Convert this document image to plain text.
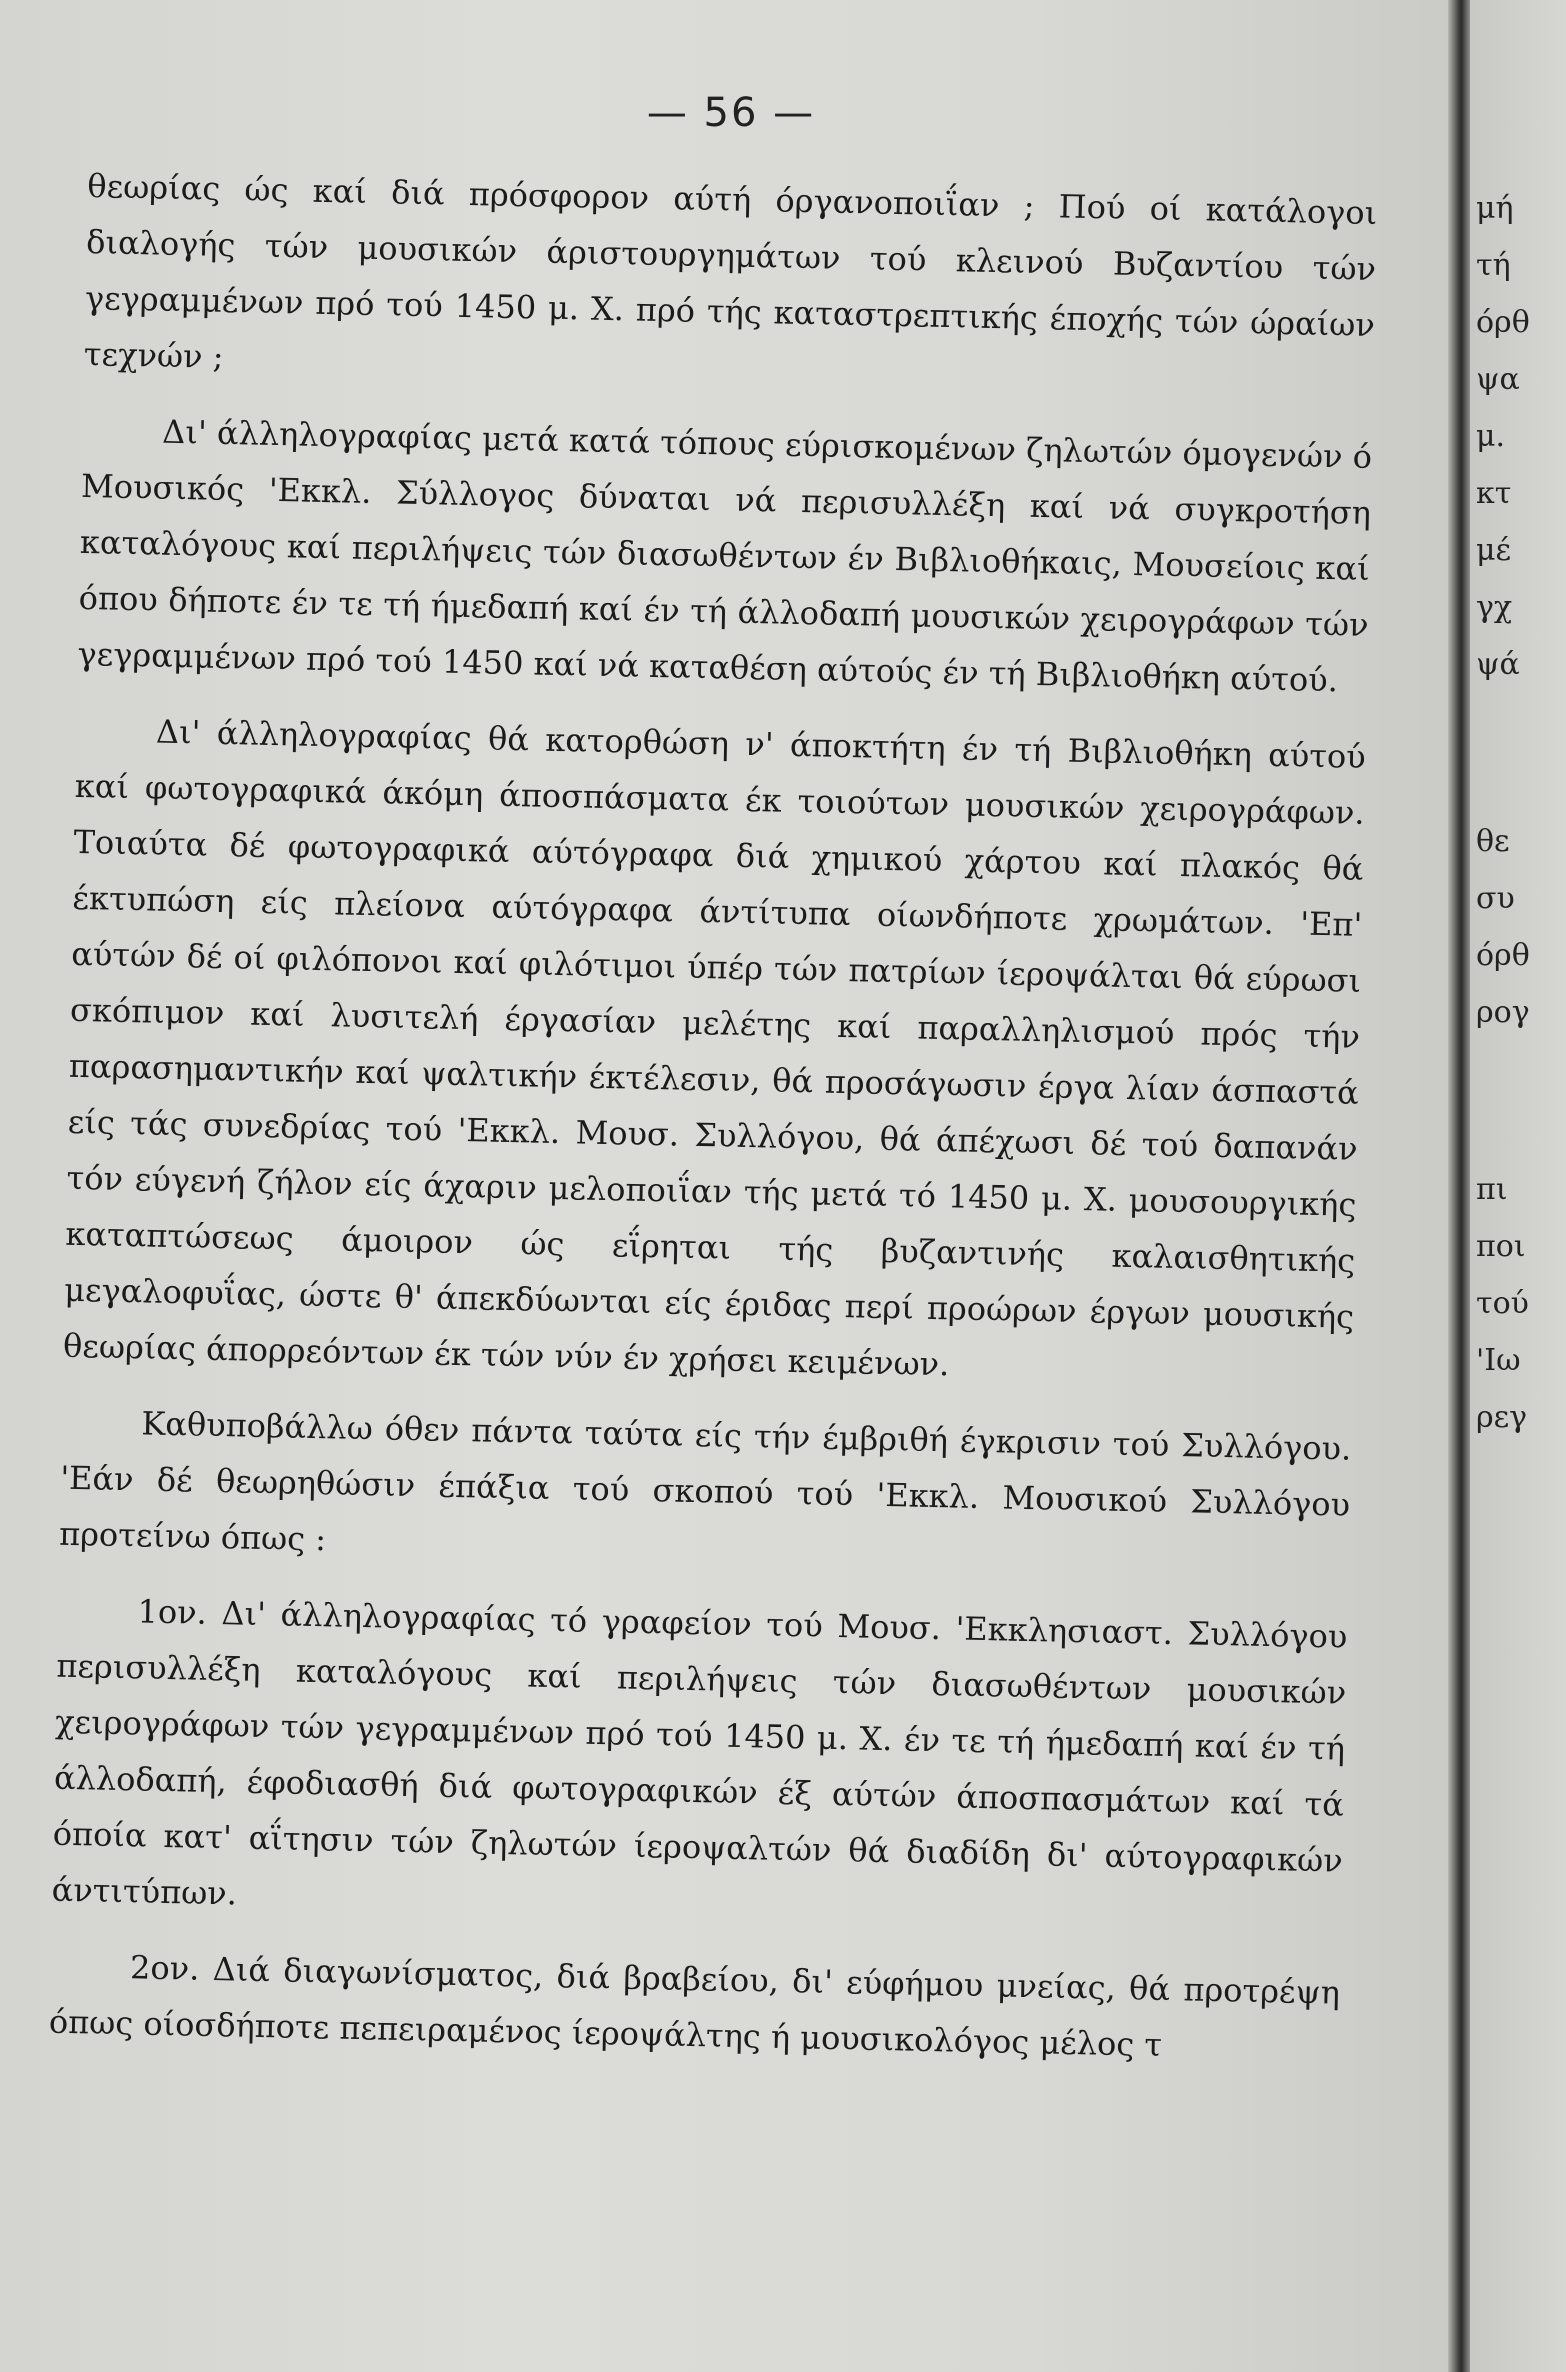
— 56 —

θεωρίας ώς καί διά πρόσφορον αύτή όργανοποιΐαν ; Πού οί κατάλογοι διαλογής τών μουσικών άριστουργημάτων τού κλεινού Βυζαντίου τών γεγραμμένων πρό τού 1450 μ. Χ. πρό τής καταστρεπτικής έποχής τών ώραίων τεχνών ;

Δι' άλληλογραφίας μετά κατά τόπους εύρισκομένων ζηλωτών όμογενών ό Μουσικός 'Εκκλ. Σύλλογος δύναται νά περισυλλέξη καί νά συγκροτήση καταλόγους καί περιλήψεις τών διασωθέντων έν Βιβλιοθήκαις, Μουσείοις καί όπου δήποτε έν τε τή ήμεδαπή καί έν τή άλλοδαπή μουσικών χειρογράφων τών γεγραμμένων πρό τού 1450 καί νά καταθέση αύτούς έν τή Βιβλιοθήκη αύτού.

Δι' άλληλογραφίας θά κατορθώση ν' άποκτήτη έν τή Βιβλιοθήκη αύτού καί φωτογραφικά άκόμη άποσπάσματα έκ τοιούτων μουσικών χειρογράφων. Τοιαύτα δέ φωτογραφικά αύτόγραφα διά χημικού χάρτου καί πλακός θά έκτυπώση είς πλείονα αύτόγραφα άντίτυπα οίωνδήποτε χρωμάτων. 'Επ' αύτών δέ οί φιλόπονοι καί φιλότιμοι ύπέρ τών πατρίων ίεροψάλται θά εύρωσι σκόπιμον καί λυσιτελή έργασίαν μελέτης καί παραλληλισμού πρός τήν παρασημαντικήν καί ψαλτικήν έκτέλεσιν, θά προσάγωσιν έργα λίαν άσπαστά είς τάς συνεδρίας τού 'Εκκλ. Μουσ. Συλλόγου, θά άπέχωσι δέ τού δαπανάν τόν εύγενή ζήλον είς άχαριν μελοποιΐαν τής μετά τό 1450 μ. Χ. μουσουργικής καταπτώσεως άμοιρον ώς εΐρηται τής βυζαντινής καλαισθητικής μεγαλοφυΐας, ώστε θ' άπεκδύωνται είς έριδας περί προώρων έργων μουσικής θεωρίας άπορρεόντων έκ τών νύν έν χρήσει κειμένων.

Καθυποβάλλω όθεν πάντα ταύτα είς τήν έμβριθή έγκρισιν τού Συλλόγου. 'Εάν δέ θεωρηθώσιν έπάξια τού σκοπού τού 'Εκκλ. Μουσικού Συλλόγου προτείνω όπως :

1ον. Δι' άλληλογραφίας τό γραφείον τού Μουσ. 'Εκκλησιαστ. Συλλόγου περισυλλέξη καταλόγους καί περιλήψεις τών διασωθέντων μουσικών χειρογράφων τών γεγραμμένων πρό τού 1450 μ. Χ. έν τε τή ήμεδαπή καί έν τή άλλοδαπή, έφοδιασθή διά φωτογραφικών έξ αύτών άποσπασμάτων καί τά όποία κατ' αΐτησιν τών ζηλωτών ίεροψαλτών θά διαδίδη δι' αύτογραφικών άντιτύπων.

2ον. Διά διαγωνίσματος, διά βραβείου, δι' εύφήμου μνείας, θά προτρέψη όπως οίοσδήποτε πεπειραμένος ίεροψάλτης ή μουσικολόγος μέλος τ

μή
τή
όρθ
ψα
μ.
κτ
μέ
γχ
ψά
θε
συ
όρθ
ρογ
πι
ποι
τού
'Ιω
ρεγ
